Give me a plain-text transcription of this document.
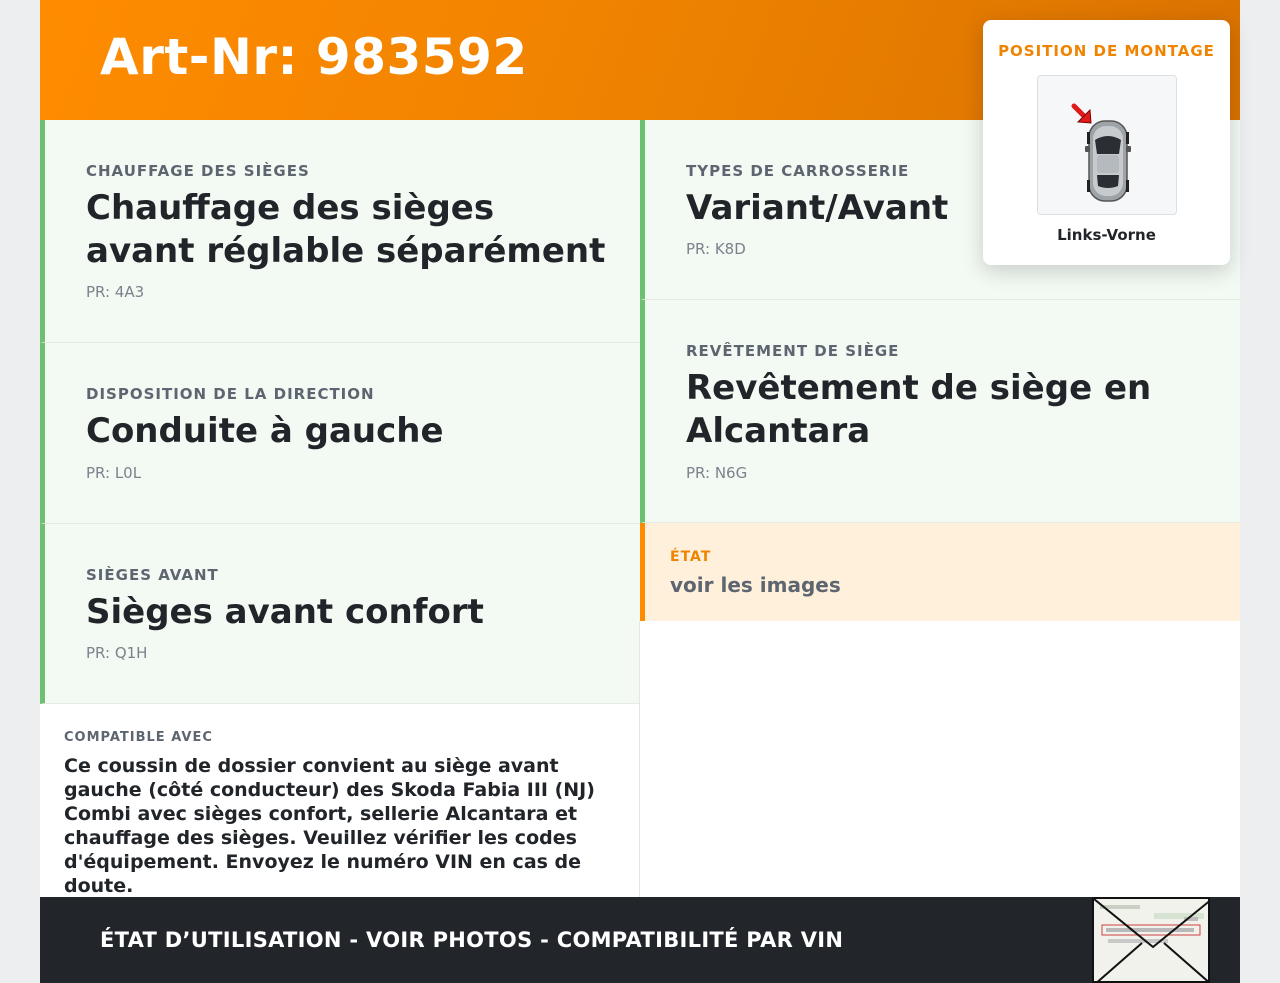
Art-Nr: 983592
CHAUFFAGE DES SIÈGES
Chauffage des sièges avant réglable séparément
PR: 4A3
DISPOSITION DE LA DIRECTION
Conduite à gauche
PR: L0L
SIÈGES AVANT
Sièges avant confort
PR: Q1H
TYPES DE CARROSSERIE
Variant/Avant
PR: K8D
REVÊTEMENT DE SIÈGE
Revêtement de siège en Alcantara
PR: N6G
ÉTAT
voir les images
COMPATIBLE AVEC
Ce coussin de dossier convient au siège avant gauche (côté conducteur) des Skoda Fabia III (NJ) Combi avec sièges confort, sellerie Alcantara et chauffage des sièges. Veuillez vérifier les codes d'équipement. Envoyez le numéro VIN en cas de doute.
ÉTAT D’UTILISATION - VOIR PHOTOS - COMPATIBILITÉ PAR VIN
POSITION DE MONTAGE
Links-Vorne
